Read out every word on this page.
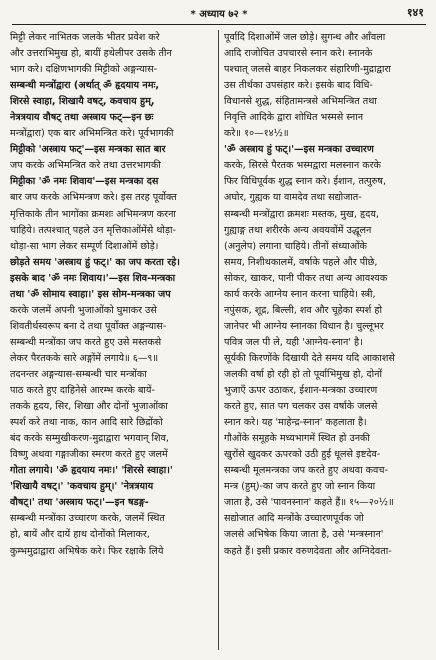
* अध्याय ७२ *	१४१
मिट्टी लेकर नाभितक जलके भीतर प्रवेश करे
और उत्तराभिमुख हो, बायीं हथेलीपर उसके तीन
भाग करे। दक्षिणभागकी मिट्टीको अङ्गन्यास-
सम्बन्धी मन्त्रोंद्वारा (अर्थात् ॐ हृदयाय नमः,
शिरसे स्वाहा, शिखायै वषट्, कवचाय हुम्,
नेत्रत्रयाय वौषट् तथा अस्त्राय फट्—इन छः
मन्त्रोंद्वारा) एक बार अभिमन्त्रित करे। पूर्वभागकी
मिट्टीको 'अस्त्राय फट्'—इस मन्त्रका सात बार
जप करके अभिमन्त्रित करे तथा उत्तरभागकी
मिट्टीका 'ॐ नमः शिवाय'—इस मन्त्रका दस
बार जप करके अभिमन्त्रण करे। इस तरह पूर्वोक्त
मृत्तिकाके तीन भागोंका क्रमशः अभिमन्त्रण करना
चाहिये। तत्पश्चात् पहले उन मृत्तिकाओंमेंसे थोड़ा-
थोड़ा-सा भाग लेकर सम्पूर्ण दिशाओंमें छोड़े।
छोड़ते समय 'अस्त्राय हुं फट्।' का जप करता रहे।
इसके बाद 'ॐ नमः शिवाय।'—इस शिव-मन्त्रका
तथा 'ॐ सोमाय स्वाहा।' इस सोम-मन्त्रका जप
करके जलमें अपनी भुजाओंको घुमाकर उसे
शिवतीर्थस्वरूप बना दे तथा पूर्वोक्त अङ्गन्यास-
सम्बन्धी मन्त्रोंका जप करते हुए उसे मस्तकसे
लेकर पैरतकके सारे अङ्गोंमें लगाये॥ ६—९॥
तदनन्तर अङ्गन्यास-सम्बन्धी चार मन्त्रोंका
पाठ करते हुए दाहिनेसे आरम्भ करके बायें-
तकके हृदय, सिर, शिखा और दोनों भुजाओंका
स्पर्श करे तथा नाक, कान आदि सारे छिद्रोंको
बंद करके सम्मुखीकरण-मुद्राद्वारा भगवान् शिव,
विष्णु अथवा गङ्गाजीका स्मरण करते हुए जलमें
गोता लगाये। 'ॐ हृदयाय नमः।' 'शिरसे स्वाहा।'
'शिखायै वषट्।' 'कवचाय हुम्।' 'नेत्रत्रयाय
वौषट्।' तथा 'अस्त्राय फट्।'—इन षडङ्ग-
सम्बन्धी मन्त्रोंका उच्चारण करके, जलमें स्थित
हो, बायें और दायें हाथ दोनोंको मिलाकर,
कुम्भमुद्राद्वारा अभिषेक करे। फिर रक्षाके लिये
पूर्वादि दिशाओंमें जल छोड़े। सुगन्ध और आँवला
आदि राजोचित उपचारसे स्नान करे। स्नानके
पश्चात् जलसे बाहर निकलकर संहारिणी-मुद्राद्वारा
उस तीर्थका उपसंहार करे। इसके बाद विधि-
विधानसे शुद्ध, संहितामन्त्रसे अभिमन्त्रित तथा
निवृत्ति आदिके द्वारा शोधित भस्मसे स्नान
करे॥ १०—१४½॥
'ॐ अस्त्राय हुं फट्।'—इस मन्त्रका उच्चारण
करके, सिरसे पैरतक भस्मद्वारा मलस्नान करके
फिर विधिपूर्वक शुद्ध स्नान करे। ईशान, तत्पुरुष,
अघोर, गुह्यक या वामदेव तथा सद्योजात-
सम्बन्धी मन्त्रोंद्वारा क्रमशः मस्तक, मुख, हृदय,
गुह्याङ्ग तथा शरीरके अन्य अवयवोंमें उद्धूलन
(अनुलेप) लगाना चाहिये। तीनों संध्याओंके
समय, निशीथकालमें, वर्षाके पहले और पीछे,
सोकर, खाकर, पानी पीकर तथा अन्य आवश्यक
कार्य करके आग्नेय स्नान करना चाहिये। स्त्री,
नपुंसक, शूद्र, बिल्ली, शव और चूहेका स्पर्श हो
जानेपर भी आग्नेय स्नानका विधान है। चुल्लूभर
पवित्र जल पी ले, यही 'आग्नेय-स्नान' है।
सूर्यकी किरणोंके दिखायी देते समय यदि आकाशसे
जलकी वर्षा हो रही हो तो पूर्वाभिमुख हो, दोनों
भुजाएँ ऊपर उठाकर, ईशान-मन्त्रका उच्चारण
करते हुए, सात पग चलकर उस वर्षाके जलसे
स्नान करे। यह 'माहेन्द्र-स्नान' कहलाता है।
गौओंके समूहके मध्यभागमें स्थित हो उनकी
खुरोंसे खुदकर ऊपरको उठी हुई धूलसे इष्टदेव-
सम्बन्धी मूलमन्त्रका जप करते हुए अथवा कवच-
मन्त्र (हुम्)-का जप करते हुए जो स्नान किया
जाता है, उसे 'पावनस्नान' कहते हैं॥ १५—२०½॥
सद्योजात आदि मन्त्रोंके उच्चारणपूर्वक जो
जलसे अभिषेक किया जाता है, उसे 'मन्त्रस्नान'
कहते हैं। इसी प्रकार वरुणदेवता और अग्निदेवता-
